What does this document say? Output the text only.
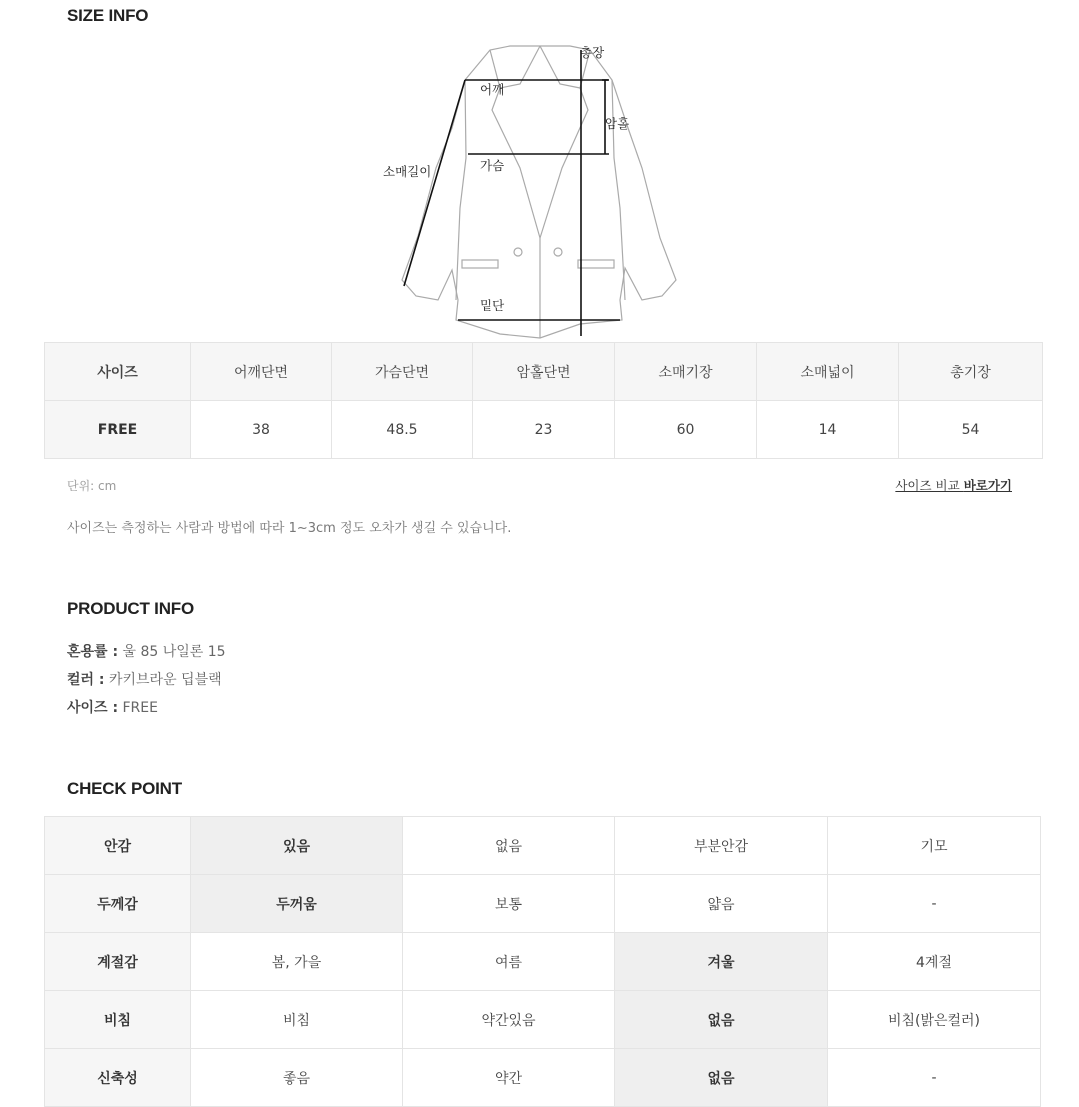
SIZE INFO
총장
어깨
암홀
소매길이	가슴
밑단
사이즈	어깨단면	가슴단면	암홀단면	소매기장	소매넓이	총기장
FREE	38	48.5	23	60	14	54
단위: cm	사이즈 비교 바로가기
사이즈는 측정하는 사람과 방법에 따라 1~3cm 정도 오차가 생길 수 있습니다.
PRODUCT INFO
혼용률 : 울 85 나일론 15
컬러 : 카키브라운 딥블랙
사이즈 : FREE
CHECK POINT
안감	있음	없음	부분안감	기모
두께감	두꺼움	보통	얇음	-
계절감	봄, 가을	여름	겨울	4계절
비침	비침	약간있음	없음	비침(밝은컬러)
신축성	좋음	약간	없음	-
